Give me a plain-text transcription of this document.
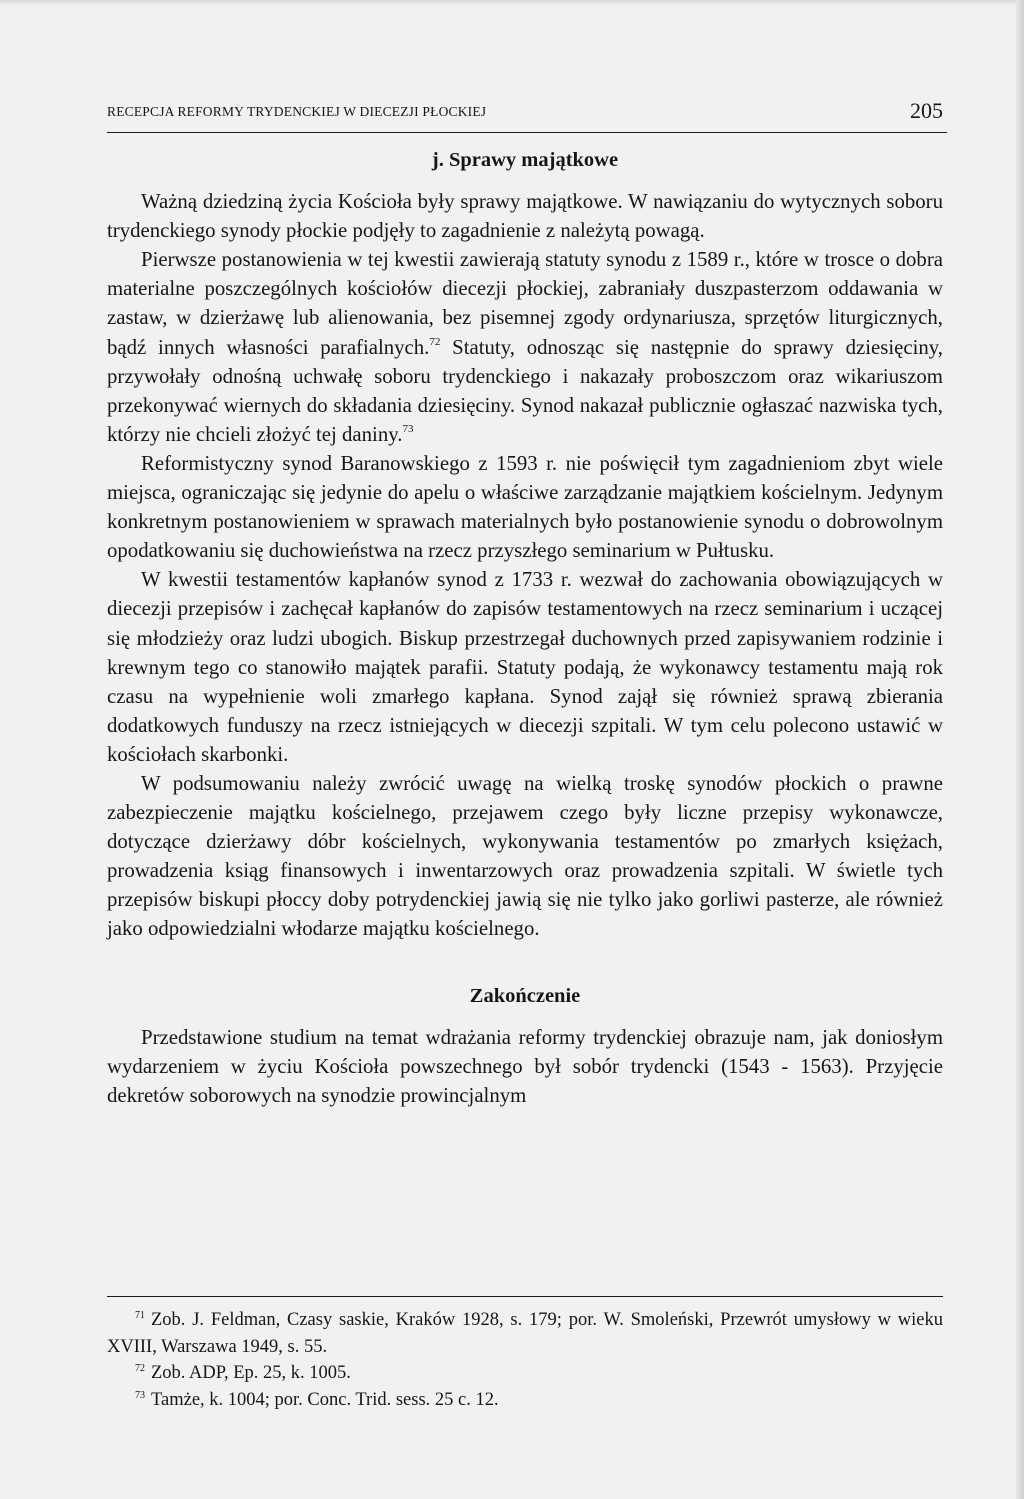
RECEPCJA REFORMY TRYDENCKIEJ W DIECEZJI PŁOCKIEJ	205
j. Sprawy majątkowe

Ważną dziedziną życia Kościoła były sprawy majątkowe. W nawiązaniu do wytycznych soboru trydenckiego synody płockie podjęły to zagadnienie z należytą powagą.

Pierwsze postanowienia w tej kwestii zawierają statuty synodu z 1589 r., które w trosce o dobra materialne poszczególnych kościołów diecezji płockiej, zabraniały duszpasterzom oddawania w zastaw, w dzierżawę lub alienowania, bez pisemnej zgody ordynariusza, sprzętów liturgicznych, bądź innych własności parafialnych.$^{72}$ Statuty, odnosząc się następnie do sprawy dziesięciny, przywołały odnośną uchwałę soboru trydenckiego i nakazały proboszczom oraz wikariuszom przekonywać wiernych do składania dziesięciny. Synod nakazał publicznie ogłaszać nazwiska tych, którzy nie chcieli złożyć tej daniny.$^{73}$

Reformistyczny synod Baranowskiego z 1593 r. nie poświęcił tym zagadnieniom zbyt wiele miejsca, ograniczając się jedynie do apelu o właściwe zarządzanie majątkiem kościelnym. Jedynym konkretnym postanowieniem w sprawach materialnych było postanowienie synodu o dobrowolnym opodatkowaniu się duchowieństwa na rzecz przyszłego seminarium w Pułtusku.

W kwestii testamentów kapłanów synod z 1733 r. wezwał do zachowania obowiązujących w diecezji przepisów i zachęcał kapłanów do zapisów testamentowych na rzecz seminarium i uczącej się młodzieży oraz ludzi ubogich. Biskup przestrzegał duchownych przed zapisywaniem rodzinie i krewnym tego co stanowiło majątek parafii. Statuty podają, że wykonawcy testamentu mają rok czasu na wypełnienie woli zmarłego kapłana. Synod zajął się również sprawą zbierania dodatkowych funduszy na rzecz istniejących w diecezji szpitali. W tym celu polecono ustawić w kościołach skarbonki.

W podsumowaniu należy zwrócić uwagę na wielką troskę synodów płockich o prawne zabezpieczenie majątku kościelnego, przejawem czego były liczne przepisy wykonawcze, dotyczące dzierżawy dóbr kościelnych, wykonywania testamentów po zmarłych księżach, prowadzenia ksiąg finansowych i inwentarzowych oraz prowadzenia szpitali. W świetle tych przepisów biskupi płoccy doby potrydenckiej jawią się nie tylko jako gorliwi pasterze, ale również jako odpowiedzialni włodarze majątku kościelnego.

Zakończenie

Przedstawione studium na temat wdrażania reformy trydenckiej obrazuje nam, jak doniosłym wydarzeniem w życiu Kościoła powszechnego był sobór trydencki (1543 - 1563). Przyjęcie dekretów soborowych na synodzie prowincjalnym

$^{71}$ Zob. J. Feldman, Czasy saskie, Kraków 1928, s. 179; por. W. Smoleński, Przewrót umysłowy w wieku XVIII, Warszawa 1949, s. 55.
$^{72}$ Zob. ADP, Ep. 25, k. 1005.
$^{73}$ Tamże, k. 1004; por. Conc. Trid. sess. 25 c. 12.
